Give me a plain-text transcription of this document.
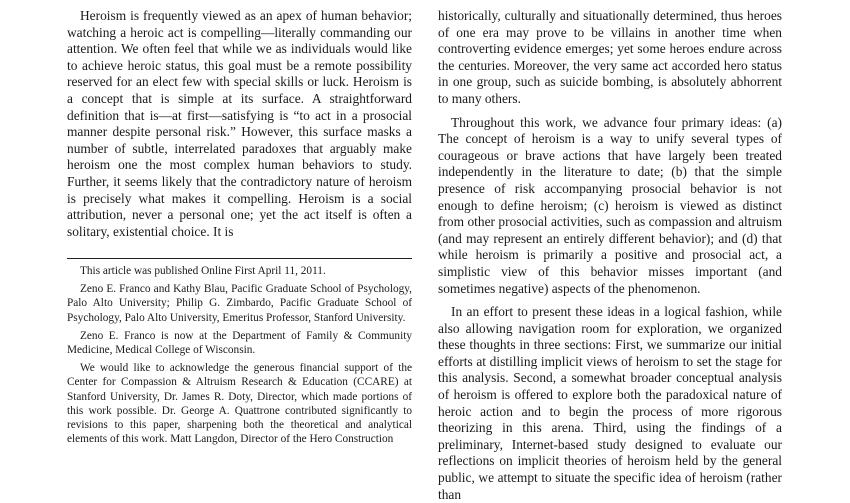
Heroism is frequently viewed as an apex of human behavior; watching a heroic act is compelling—literally commanding our attention. We often feel that while we as individuals would like to achieve heroic status, this goal must be a remote possibility reserved for an elect few with special skills or luck. Heroism is a concept that is simple at its surface. A straightforward definition that is—at first—satisfying is “to act in a prosocial manner despite personal risk.” However, this surface masks a number of subtle, interrelated paradoxes that arguably make heroism one the most complex human behaviors to study. Further, it seems likely that the contradictory nature of heroism is precisely what makes it compelling. Heroism is a social attribution, never a personal one; yet the act itself is often a solitary, existential choice. It is

This article was published Online First April 11, 2011.

Zeno E. Franco and Kathy Blau, Pacific Graduate School of Psychology, Palo Alto University; Philip G. Zimbardo, Pacific Graduate School of Psychology, Palo Alto University, Emeritus Professor, Stanford University.

Zeno E. Franco is now at the Department of Family & Community Medicine, Medical College of Wisconsin.

We would like to acknowledge the generous financial support of the Center for Compassion & Altruism Research & Education (CCARE) at Stanford University, Dr. James R. Doty, Director, which made portions of this work possible. Dr. George A. Quattrone contributed significantly to revisions to this paper, sharpening both the theoretical and analytical elements of this work. Matt Langdon, Director of the Hero Construction

historically, culturally and situationally determined, thus heroes of one era may prove to be villains in another time when controverting evidence emerges; yet some heroes endure across the centuries. Moreover, the very same act accorded hero status in one group, such as suicide bombing, is absolutely abhorrent to many others.

Throughout this work, we advance four primary ideas: (a) The concept of heroism is a way to unify several types of courageous or brave actions that have largely been treated independently in the literature to date; (b) that the simple presence of risk accompanying prosocial behavior is not enough to define heroism; (c) heroism is viewed as distinct from other prosocial activities, such as compassion and altruism (and may represent an entirely different behavior); and (d) that while heroism is primarily a positive and prosocial act, a simplistic view of this behavior misses important (and sometimes negative) aspects of the phenomenon.

In an effort to present these ideas in a logical fashion, while also allowing navigation room for exploration, we organized these thoughts in three sections: First, we summarize our initial efforts at distilling implicit views of heroism to set the stage for this analysis. Second, a somewhat broader conceptual analysis of heroism is offered to explore both the paradoxical nature of heroic action and to begin the process of more rigorous theorizing in this arena. Third, using the findings of a preliminary, Internet-based study designed to evaluate our reflections on implicit theories of heroism held by the general public, we attempt to situate the specific idea of heroism (rather than
